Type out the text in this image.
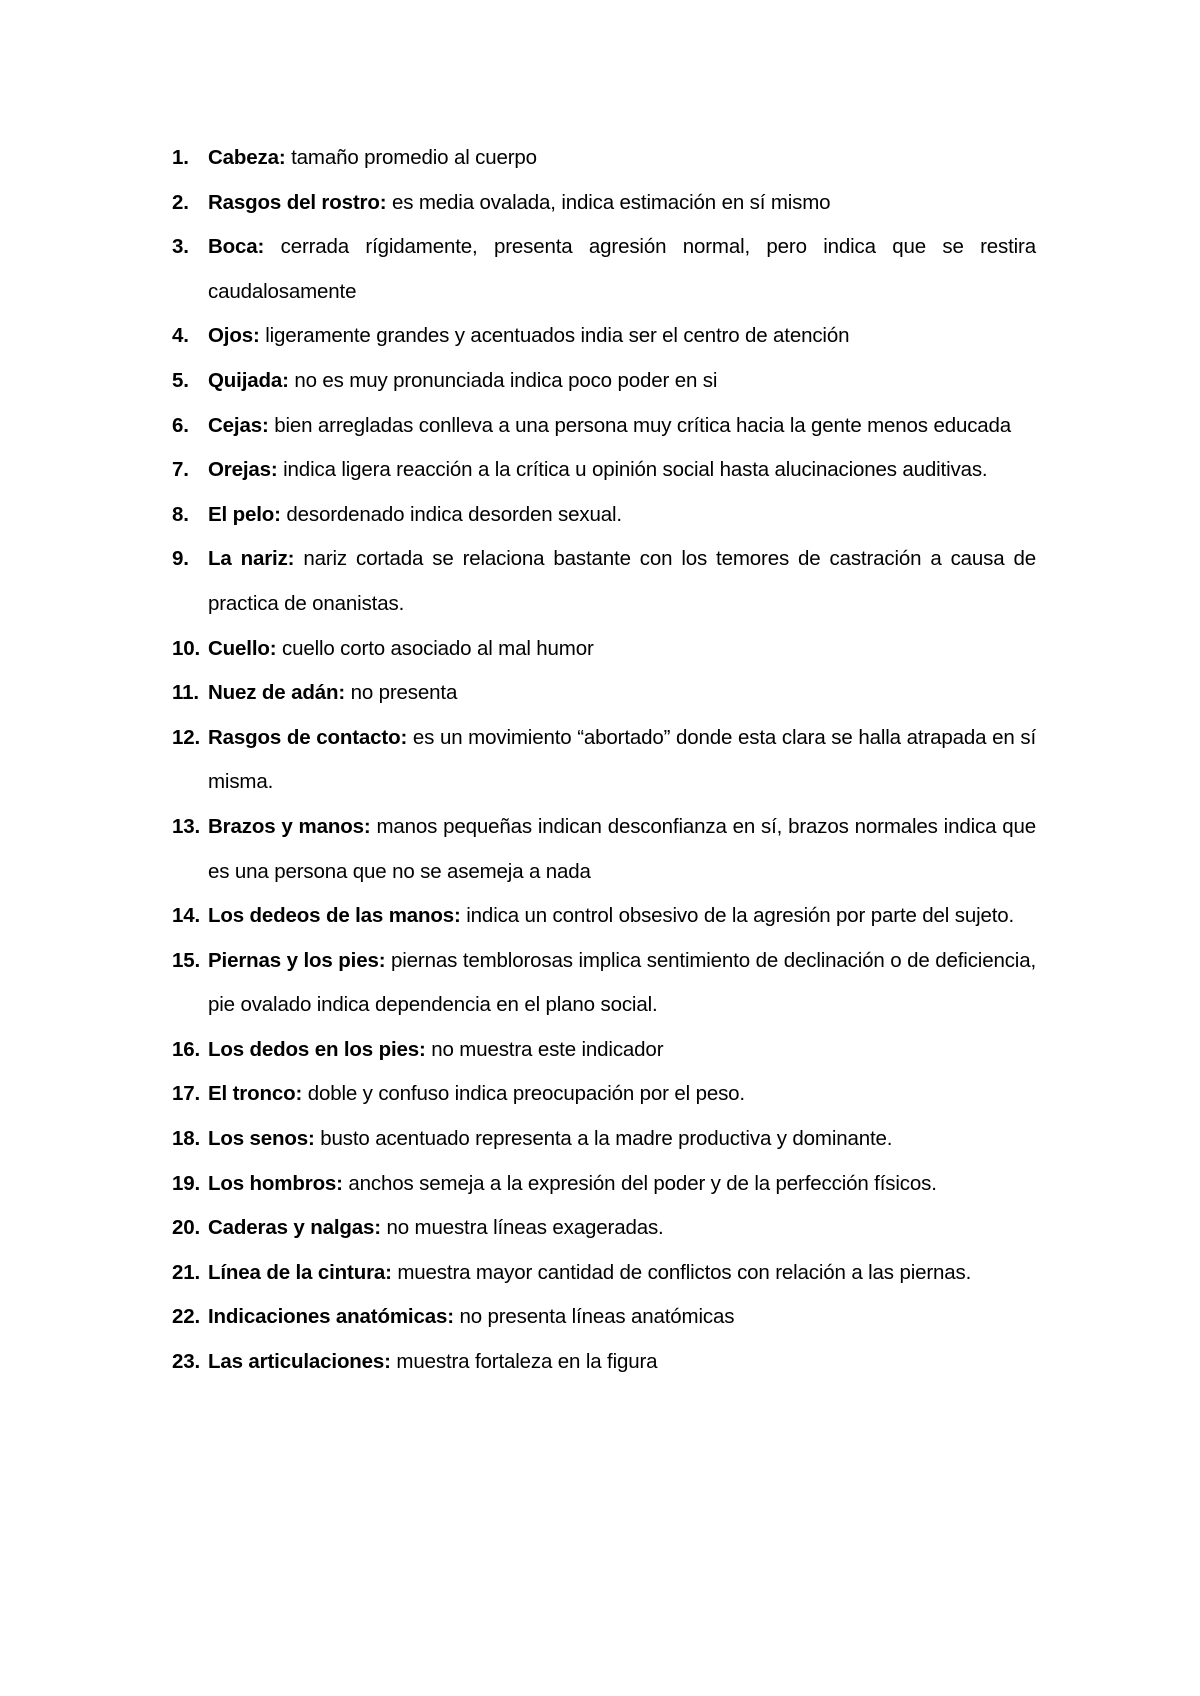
1. Cabeza: tamaño promedio al cuerpo
2. Rasgos del rostro: es media ovalada, indica estimación en sí mismo
3. Boca: cerrada rígidamente, presenta agresión normal, pero indica que se restira caudalosamente
4. Ojos: ligeramente grandes y acentuados india ser el centro de atención
5. Quijada: no es muy pronunciada indica poco poder en si
6. Cejas: bien arregladas conlleva a una persona muy crítica hacia la gente menos educada
7. Orejas: indica ligera reacción a la crítica u opinión social hasta alucinaciones auditivas.
8. El pelo: desordenado indica desorden sexual.
9. La nariz: nariz cortada se relaciona bastante con los temores de castración a causa de practica de onanistas.
10. Cuello: cuello corto asociado al mal humor
11. Nuez de adán: no presenta
12. Rasgos de contacto: es un movimiento “abortado” donde esta clara se halla atrapada en sí misma.
13. Brazos y manos: manos pequeñas indican desconfianza en sí, brazos normales indica que es una persona que no se asemeja a nada
14. Los dedeos de las manos: indica un control obsesivo de la agresión por parte del sujeto.
15. Piernas y los pies: piernas temblorosas implica sentimiento de declinación o de deficiencia, pie ovalado indica dependencia en el plano social.
16. Los dedos en los pies: no muestra este indicador
17. El tronco: doble y confuso indica preocupación por el peso.
18. Los senos: busto acentuado representa a la madre productiva y dominante.
19. Los hombros: anchos semeja a la expresión del poder y de la perfección físicos.
20. Caderas y nalgas: no muestra líneas exageradas.
21. Línea de la cintura: muestra mayor cantidad de conflictos con relación a las piernas.
22. Indicaciones anatómicas: no presenta líneas anatómicas
23. Las articulaciones: muestra fortaleza en la figura
